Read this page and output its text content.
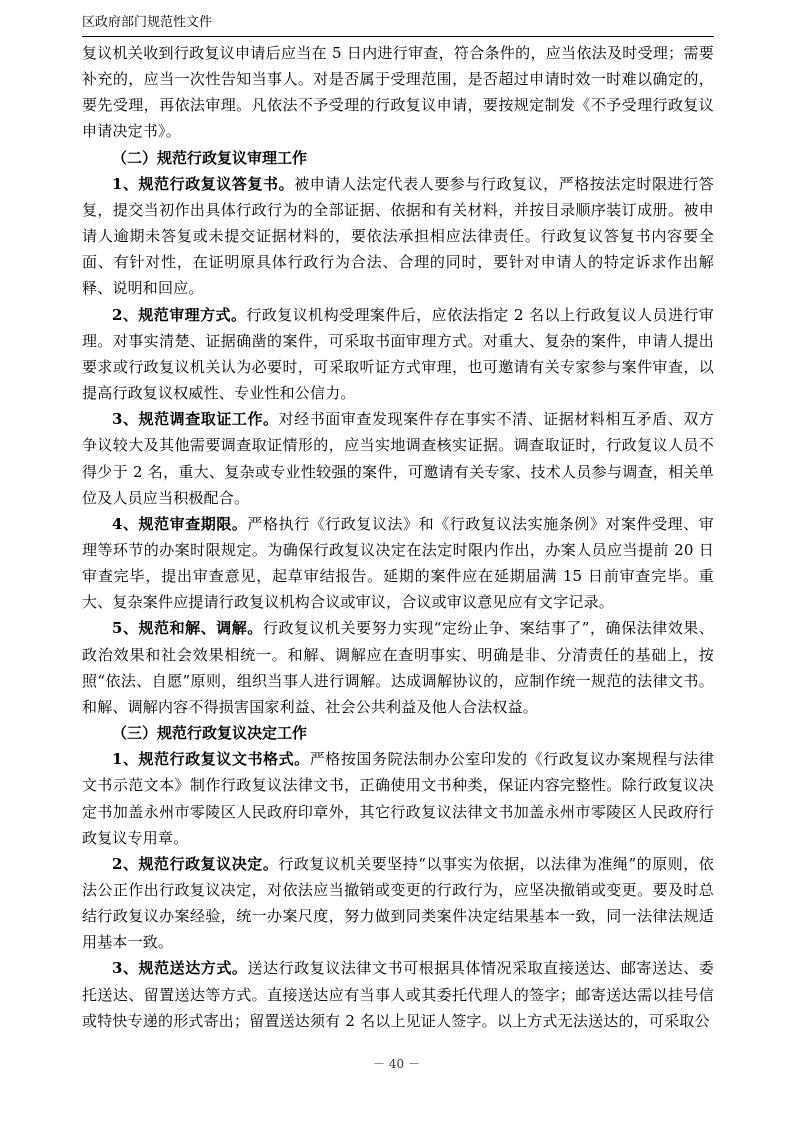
区政府部门规范性文件

复议机关收到行政复议申请后应当在 5 日内进行审查，符合条件的，应当依法及时受理；需要补充的，应当一次性告知当事人。对是否属于受理范围，是否超过申请时效一时难以确定的，要先受理，再依法审理。凡依法不予受理的行政复议申请，要按规定制发《不予受理行政复议申请决定书》。

（二）规范行政复议审理工作

1、规范行政复议答复书。被申请人法定代表人要参与行政复议，严格按法定时限进行答复，提交当初作出具体行政行为的全部证据、依据和有关材料，并按目录顺序装订成册。被申请人逾期未答复或未提交证据材料的，要依法承担相应法律责任。行政复议答复书内容要全面、有针对性，在证明原具体行政行为合法、合理的同时，要针对申请人的特定诉求作出解释、说明和回应。

2、规范审理方式。行政复议机构受理案件后，应依法指定 2 名以上行政复议人员进行审理。对事实清楚、证据确凿的案件，可采取书面审理方式。对重大、复杂的案件，申请人提出要求或行政复议机关认为必要时，可采取听证方式审理，也可邀请有关专家参与案件审查，以提高行政复议权威性、专业性和公信力。

3、规范调查取证工作。对经书面审查发现案件存在事实不清、证据材料相互矛盾、双方争议较大及其他需要调查取证情形的，应当实地调查核实证据。调查取证时，行政复议人员不得少于 2 名，重大、复杂或专业性较强的案件，可邀请有关专家、技术人员参与调查，相关单位及人员应当积极配合。

4、规范审查期限。严格执行《行政复议法》和《行政复议法实施条例》对案件受理、审理等环节的办案时限规定。为确保行政复议决定在法定时限内作出，办案人员应当提前 20 日审查完毕，提出审查意见，起草审结报告。延期的案件应在延期届满 15 日前审查完毕。重大、复杂案件应提请行政复议机构合议或审议，合议或审议意见应有文字记录。

5、规范和解、调解。行政复议机关要努力实现“定纷止争、案结事了”，确保法律效果、政治效果和社会效果相统一。和解、调解应在查明事实、明确是非、分清责任的基础上，按照“依法、自愿”原则，组织当事人进行调解。达成调解协议的，应制作统一规范的法律文书。和解、调解内容不得损害国家利益、社会公共利益及他人合法权益。

（三）规范行政复议决定工作

1、规范行政复议文书格式。严格按国务院法制办公室印发的《行政复议办案规程与法律文书示范文本》制作行政复议法律文书，正确使用文书种类，保证内容完整性。除行政复议决定书加盖永州市零陵区人民政府印章外，其它行政复议法律文书加盖永州市零陵区人民政府行政复议专用章。

2、规范行政复议决定。行政复议机关要坚持“以事实为依据，以法律为准绳”的原则，依法公正作出行政复议决定，对依法应当撤销或变更的行政行为，应坚决撤销或变更。要及时总结行政复议办案经验，统一办案尺度，努力做到同类案件决定结果基本一致，同一法律法规适用基本一致。

3、规范送达方式。送达行政复议法律文书可根据具体情况采取直接送达、邮寄送达、委托送达、留置送达等方式。直接送达应有当事人或其委托代理人的签字；邮寄送达需以挂号信或特快专递的形式寄出；留置送达须有 2 名以上见证人签字。以上方式无法送达的，可采取公

－ 40 －
